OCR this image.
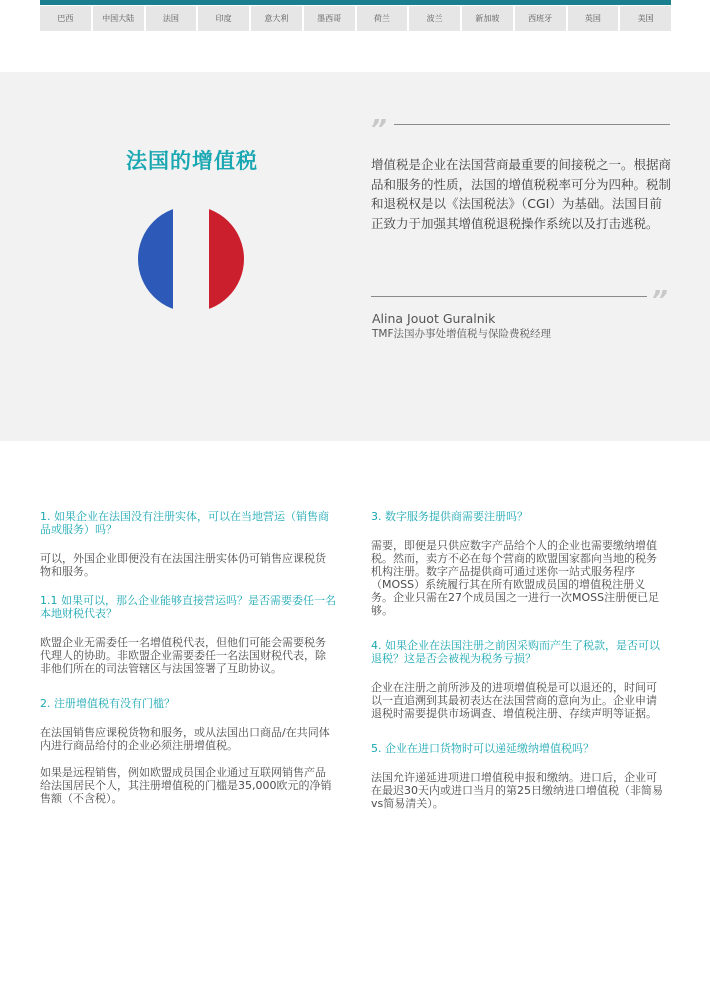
巴西	中国大陆	法国	印度	意大利	墨西哥	荷兰	波兰	新加坡	西班牙	英国	美国
法国的增值税
”

增值税是企业在法国营商最重要的间接税之一。根据商品和服务的性质，法国的增值税税率可分为四种。税制和退税权是以《法国税法》（CGI）为基础。法国目前正致力于加强其增值税退税操作系统以及打击逃税。

”
Alina Jouot Guralnik
TMF法国办事处增值税与保险费税经理

1. 如果企业在法国没有注册实体，可以在当地营运（销售商品或服务）吗？

可以，外国企业即便没有在法国注册实体仍可销售应课税货物和服务。

1.1 如果可以，那么企业能够直接营运吗？是否需要委任一名本地财税代表？

欧盟企业无需委任一名增值税代表，但他们可能会需要税务代理人的协助。非欧盟企业需要委任一名法国财税代表，除非他们所在的司法管辖区与法国签署了互助协议。

2. 注册增值税有没有门槛？

在法国销售应课税货物和服务，或从法国出口商品/在共同体内进行商品给付的企业必须注册增值税。

如果是远程销售，例如欧盟成员国企业通过互联网销售产品给法国居民个人，其注册增值税的门槛是35,000欧元的净销售额（不含税）。

3. 数字服务提供商需要注册吗？

需要，即便是只供应数字产品给个人的企业也需要缴纳增值税。然而，卖方不必在每个营商的欧盟国家都向当地的税务机构注册。数字产品提供商可通过迷你一站式服务程序（MOSS）系统履行其在所有欧盟成员国的增值税注册义务。企业只需在27个成员国之一进行一次MOSS注册便已足够。

4. 如果企业在法国注册之前因采购而产生了税款，是否可以退税？这是否会被视为税务亏损？

企业在注册之前所涉及的进项增值税是可以退还的，时间可以一直追溯到其最初表达在法国营商的意向为止。企业申请退税时需要提供市场调查、增值税注册、存续声明等证据。

5. 企业在进口货物时可以递延缴纳增值税吗？

法国允许递延进项进口增值税申报和缴纳。进口后，企业可在最迟30天内或进口当月的第25日缴纳进口增值税（非简易vs简易清关）。
